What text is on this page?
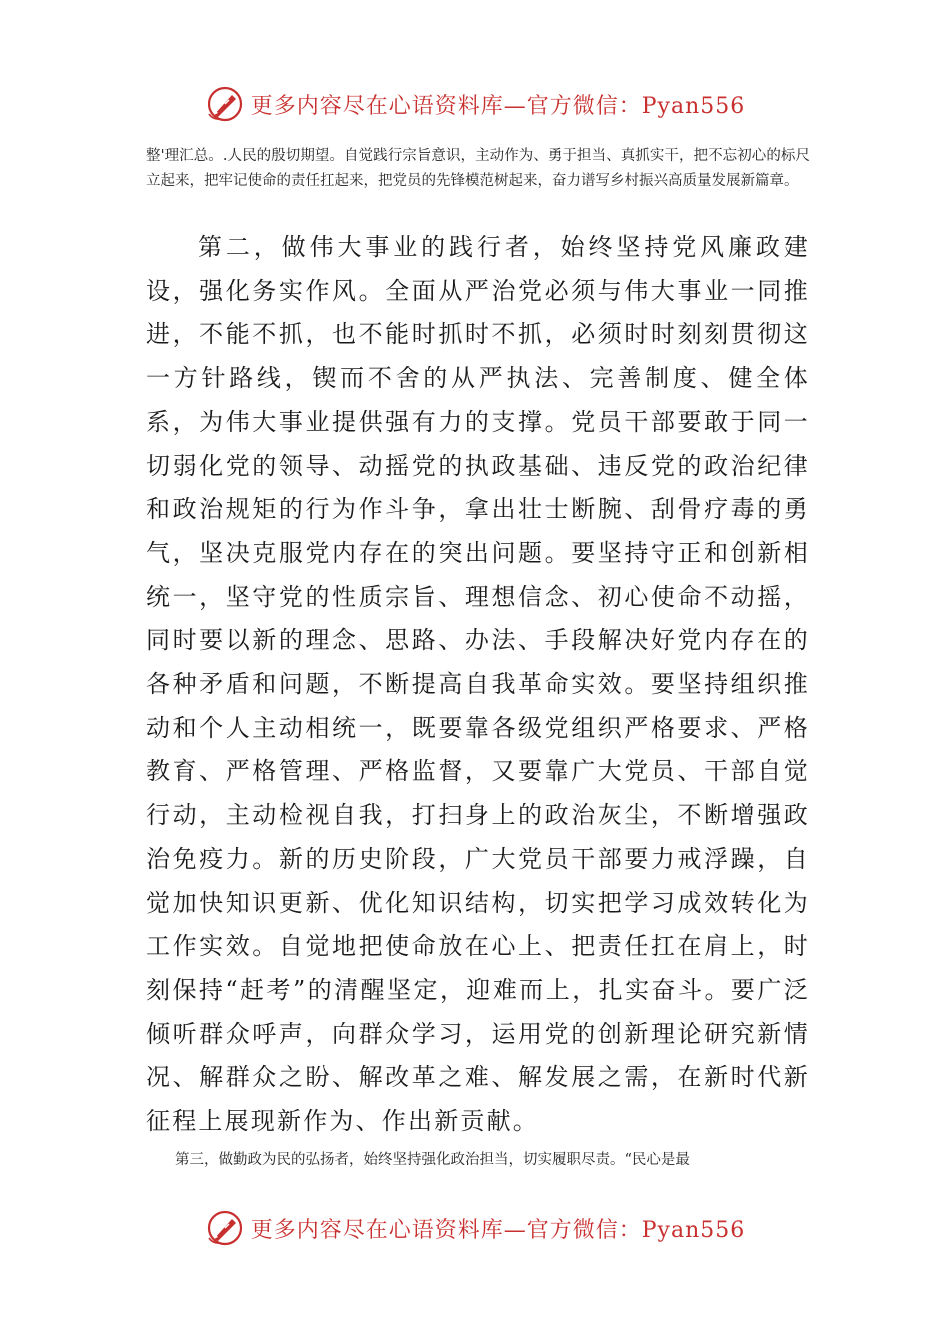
更多内容尽在心语资料库—官方微信：Pyan556

整'理汇总。.人民的殷切期望。自觉践行宗旨意识，主动作为、勇于担当、真抓实干，把不忘初心的标尺立起来，把牢记使命的责任扛起来，把党员的先锋模范树起来，奋力谱写乡村振兴高质量发展新篇章。

第二，做伟大事业的践行者，始终坚持党风廉政建设，强化务实作风。全面从严治党必须与伟大事业一同推进，不能不抓，也不能时抓时不抓，必须时时刻刻贯彻这一方针路线，锲而不舍的从严执法、完善制度、健全体系，为伟大事业提供强有力的支撑。党员干部要敢于同一切弱化党的领导、动摇党的执政基础、违反党的政治纪律和政治规矩的行为作斗争，拿出壮士断腕、刮骨疗毒的勇气，坚决克服党内存在的突出问题。要坚持守正和创新相统一，坚守党的性质宗旨、理想信念、初心使命不动摇，同时要以新的理念、思路、办法、手段解决好党内存在的各种矛盾和问题，不断提高自我革命实效。要坚持组织推动和个人主动相统一，既要靠各级党组织严格要求、严格教育、严格管理、严格监督，又要靠广大党员、干部自觉行动，主动检视自我，打扫身上的政治灰尘，不断增强政治免疫力。新的历史阶段，广大党员干部要力戒浮躁，自觉加快知识更新、优化知识结构，切实把学习成效转化为工作实效。自觉地把使命放在心上、把责任扛在肩上，时刻保持“赶考”的清醒坚定，迎难而上，扎实奋斗。要广泛倾听群众呼声，向群众学习，运用党的创新理论研究新情况、解群众之盼、解改革之难、解发展之需，在新时代新征程上展现新作为、作出新贡献。

第三，做勤政为民的弘扬者，始终坚持强化政治担当，切实履职尽责。“民心是最

更多内容尽在心语资料库—官方微信：Pyan556
